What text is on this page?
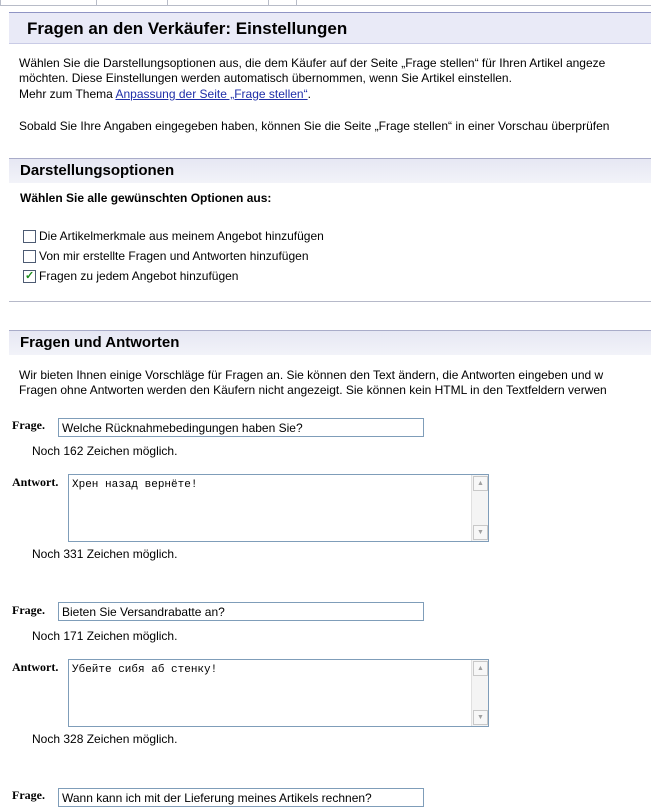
Fragen an den Verkäufer: Einstellungen
Wählen Sie die Darstellungsoptionen aus, die dem Käufer auf der Seite „Frage stellen“ für Ihren Artikel angeze
möchten. Diese Einstellungen werden automatisch übernommen, wenn Sie Artikel einstellen.
Mehr zum Thema Anpassung der Seite „Frage stellen“.
Sobald Sie Ihre Angaben eingegeben haben, können Sie die Seite „Frage stellen“ in einer Vorschau überprüfen
Darstellungsoptionen
Wählen Sie alle gewünschten Optionen aus:
Die Artikelmerkmale aus meinem Angebot hinzufügen
Von mir erstellte Fragen und Antworten hinzufügen
✓ Fragen zu jedem Angebot hinzufügen
Fragen und Antworten
Wir bieten Ihnen einige Vorschläge für Fragen an. Sie können den Text ändern, die Antworten eingeben und w
Fragen ohne Antworten werden den Käufern nicht angezeigt. Sie können kein HTML in den Textfeldern verwen
Frage.	Welche Rücknahmebedingungen haben Sie?
Noch 162 Zeichen möglich.
Antwort. Хрен назад вернёте!	▲
▼
Noch 331 Zeichen möglich.
Frage.	Bieten Sie Versandrabatte an?
Noch 171 Zeichen möglich.
Antwort. Убейте сибя аб стенку!	▲
▼
Noch 328 Zeichen möglich.
Frage.	Wann kann ich mit der Lieferung meines Artikels rechnen?
